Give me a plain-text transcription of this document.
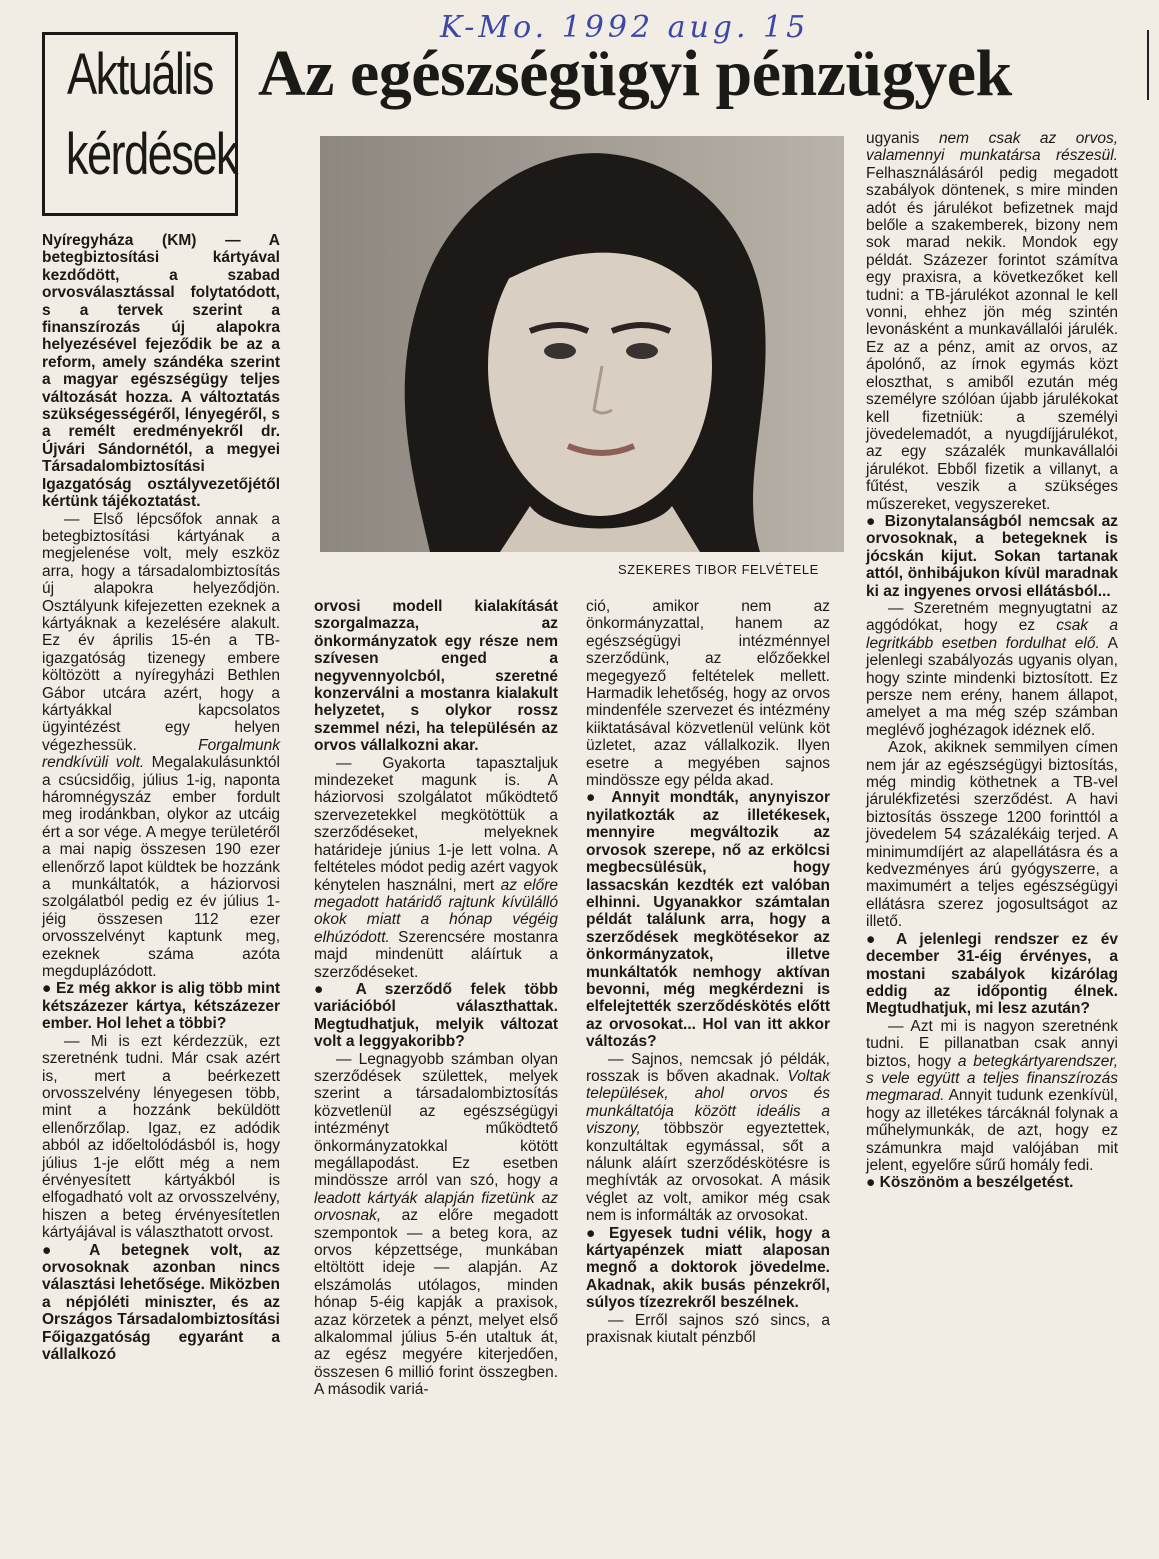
K-Mo. 1992 aug. 15
Aktuális
kérdések
Az egészségügyi pénzügyek

Nyíregyháza (KM) — A betegbiztosítási kártyával kezdődött, a szabad orvosválasztással folytatódott, s a tervek szerint a finanszírozás új alapokra helyezésével fejeződik be az a reform, amely szándéka szerint a magyar egészségügy teljes változását hozza. A változtatás szükségességéről, lényegéről, s a remélt eredményekről dr. Újvári Sándornétól, a megyei Társadalombiztosítási Igazgatóság osztályvezetőjétől kértünk tájékoztatást.

— Első lépcsőfok annak a betegbiztosítási kártyának a megjelenése volt, mely eszköz arra, hogy a társadalombiztosítás új alapokra helyeződjön. Osztályunk kifejezetten ezeknek a kártyáknak a kezelésére alakult. Ez év április 15-én a TB-igazgatóság tizenegy embere költözött a nyíregyházi Bethlen Gábor utcára azért, hogy a kártyákkal kapcsolatos ügyintézést egy helyen végezhessük.	Forgalmunk rendkívüli volt. Megalakulásunktól a csúcsidőig, július 1-ig, naponta háromnégyszáz ember fordult meg irodánkban, olykor az utcáig ért a sor vége. A megye területéről a mai napig összesen 190 ezer ellenőrző lapot küldtek be hozzánk a munkáltatók, a háziorvosi szolgálatból pedig ez év július 1-jéig összesen 112 ezer orvosszelvényt kaptunk meg, ezeknek száma azóta megduplázódott.

● Ez még akkor is alig több mint kétszázezer kártya, kétszázezer ember. Hol lehet a többi?

— Mi is ezt kérdezzük, ezt szeretnénk tudni. Már csak azért is, mert a beérkezett orvosszelvény lényegesen több, mint a hozzánk beküldött ellenőrzőlap. Igaz, ez adódik abból az időeltolódásból is, hogy július 1-je előtt még a nem érvényesített kártyákból is elfogadható volt az orvosszelvény, hiszen a beteg érvényesítetlen kártyájával is választhatott orvost.

● A betegnek volt, az orvosoknak azonban nincs választási lehetősége. Miközben a népjóléti miniszter, és az Országos Társadalombiztosítási Főigazgatóság egyaránt a vállalkozó

SZEKERES TIBOR FELVÉTELE

orvosi modell kialakítását szorgalmazza, az önkormányzatok egy része nem szívesen enged a negyvennyolcból, szeretné konzerválni a mostanra kialakult helyzetet, s olykor rossz szemmel nézi, ha településén az orvos vállalkozni akar.

— Gyakorta tapasztaljuk mindezeket magunk is. A háziorvosi szolgálatot működtető szervezetekkel megkötöttük a szerződéseket, melyeknek határideje június 1-je lett volna. A feltételes módot pedig azért vagyok kénytelen használni, mert az előre megadott határidő rajtunk kívülálló okok miatt a hónap végéig elhúzódott. Szerencsére mostanra majd mindenütt aláírtuk a szerződéseket.

● A szerződő felek több variációból választhattak. Megtudhatjuk, melyik változat volt a leggyakoribb?

— Legnagyobb számban olyan szerződések születtek, melyek szerint a társadalombiztosítás közvetlenül az egészségügyi intézményt működtető önkormányzatokkal kötött megállapodást. Ez esetben mindössze arról van szó, hogy a leadott kártyák alapján fizetünk az orvosnak, az előre megadott szempontok — a beteg kora, az orvos képzettsége, munkában eltöltött ideje — alapján. Az elszámolás utólagos, minden hónap 5-éig kapják a praxisok, azaz körzetek a pénzt, melyet első alkalommal július 5-én utaltuk át, az egész megyére kiterjedően, összesen 6 millió forint összegben. A második variá-

ció, amikor nem az önkormányzattal, hanem az egészségügyi intézménnyel szerződünk, az előzőekkel megegyező feltételek mellett. Harmadik lehetőség, hogy az orvos mindenféle szervezet és intézmény kiiktatásával közvetlenül velünk köt üzletet, azaz vállalkozik. Ilyen esetre a megyében sajnos mindössze egy példa akad.

● Annyit mondták, anynyiszor nyilatkozták az illetékesek, mennyire megváltozik az orvosok szerepe, nő az erkölcsi megbecsülésük, hogy lassacskán kezdték ezt valóban elhinni. Ugyanakkor számtalan példát találunk arra, hogy a szerződések megkötésekor az önkormányzatok, illetve munkáltatók nemhogy aktívan bevonni, még megkérdezni is elfelejtették szerződéskötés előtt az orvosokat... Hol van itt akkor változás?

— Sajnos, nemcsak jó példák, rosszak is bőven akadnak. Voltak települések, ahol orvos és munkáltatója között ideális a viszony, többször egyeztettek, konzultáltak egymással, sőt a nálunk aláírt szerződéskötésre is meghívták az orvosokat. A másik véglet az volt, amikor még csak nem is informálták az orvosokat.

● Egyesek tudni vélik, hogy a kártyapénzek miatt alaposan megnő a doktorok jövedelme. Akadnak, akik busás pénzekről, súlyos tízezrekről beszélnek.

— Erről sajnos szó sincs, a praxisnak kiutalt pénzből

ugyanis nem csak az orvos, valamennyi munkatársa részesül. Felhasználásáról pedig megadott szabályok döntenek, s mire minden adót és járulékot befizetnek majd belőle a szakemberek, bizony nem sok marad nekik. Mondok egy példát. Százezer forintot számítva egy praxisra, a következőket kell tudni: a TB-járulékot azonnal le kell vonni, ehhez jön még szintén levonásként a munkavállalói járulék. Ez az a pénz, amit az orvos, az ápolónő, az írnok egymás közt eloszthat, s amiből ezután még személyre szólóan újabb járulékokat kell fizetniük: a személyi jövedelemadót, a nyugdíjjárulékot, az egy százalék munkavállalói járulékot. Ebből fizetik a villanyt, a fűtést, veszik a szükséges műszereket, vegyszereket.

● Bizonytalanságból nemcsak az orvosoknak, a betegeknek is jócskán kijut. Sokan tartanak attól, önhibájukon kívül maradnak ki az ingyenes orvosi ellátásból...

— Szeretném megnyugtatni az aggódókat, hogy ez csak a legritkább esetben fordulhat elő. A jelenlegi szabályozás ugyanis olyan, hogy szinte mindenki biztosított. Ez persze nem erény, hanem állapot, amelyet a ma még szép számban meglévő joghézagok idéznek elő.

Azok, akiknek semmilyen címen nem jár az egészségügyi biztosítás, még mindig köthetnek a TB-vel járulékfizetési szerződést. A havi biztosítás összege 1200 forinttól a jövedelem 54 százalékáig terjed. A minimumdíjért az alapellátásra és a kedvezményes árú gyógyszerre, a maximumért a teljes egészségügyi ellátásra szerez jogosultságot az illető.

● A jelenlegi rendszer ez év december 31-éig érvényes, a mostani szabályok kizárólag eddig az időpontig élnek. Megtudhatjuk, mi lesz azután?

— Azt mi is nagyon szeretnénk tudni. E pillanatban csak annyi biztos, hogy a betegkártyarendszer, s vele együtt a teljes finanszírozás megmarad. Annyit tudunk ezenkívül, hogy az illetékes tárcáknál folynak a műhelymunkák, de azt, hogy ez számunkra majd valójában mit jelent, egyelőre sűrű homály fedi.

● Köszönöm a beszélgetést.
